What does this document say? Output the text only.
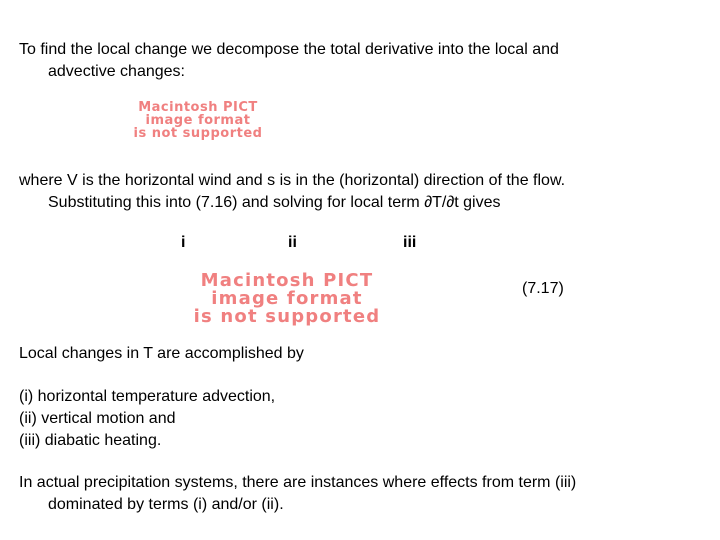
To find the local change we decompose the total derivative into the local and
advective changes:

Macintosh PICT
image format
is not supported

where V is the horizontal wind and s is in the (horizontal) direction of the flow.
Substituting this into (7.16) and solving for local term ∂T/∂t gives

i	ii	iii
Macintosh PICT
image format
is not supported
(7.17)

Local changes in T are accomplished by

(i) horizontal temperature advection,
(ii) vertical motion and
(iii) diabatic heating.

In actual precipitation systems, there are instances where effects from term (iii)
dominated by terms (i) and/or (ii).
